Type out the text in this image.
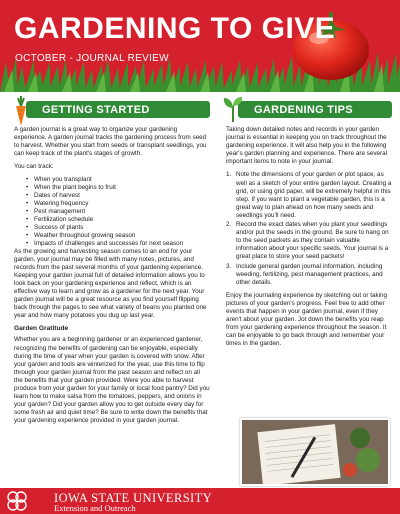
GARDENING TO GIVE
OCTOBER - JOURNAL REVIEW
GETTING STARTED

A garden journal is a great way to organize your gardening experience. A garden journal tracks the gardening process from seed to harvest. Whether you start from seeds or transplant seedlings, you can keep track of the plant's stages of growth.

You can track:

• When you transplant
• When the plant begins to fruit
• Dates of harvest
• Watering frequency
• Pest management
• Fertilization schedule
• Success of plants
• Weather throughout growing season
• Impacts of challenges and successes for next season

As the growing and harvesting season comes to an end for your garden, your journal may be filled with many notes, pictures, and records from the past several months of your gardening experience. Keeping your garden journal full of detailed information allows you to look back on your gardening experience and reflect, which is an effective way to learn and grow as a gardener for the next year. Your garden journal will be a great resource as you find yourself flipping back through the pages to see what variety of beans you planted one year and how many potatoes you dug up last year.

Garden Gratitude

Whether you are a beginning gardener or an experienced gardener, recognizing the benefits of gardening can be enjoyable, especially during the time of year when your garden is covered with snow. After your garden and tools are winterized for the year, use this time to flip through your garden journal from the past season and reflect on all the benefits that your garden provided. Were you able to harvest produce from your garden for your family or local food pantry? Did you learn how to make salsa from the tomatoes, peppers, and onions in your garden? Did your garden allow you to get outside every day for some fresh air and quiet time? Be sure to write down the benefits that your gardening experience provided in your garden journal.

GARDENING TIPS

Taking down detailed notes and records in your garden journal is essential in keeping you on track throughout the gardening experience. It will also help you in the following year's garden planning and experience. There are several important items to note in your journal.

1. Note the dimensions of your garden or plot space, as well as a sketch of your entire garden layout. Creating a grid, or using grid paper, will be extremely helpful in this step. If you want to plant a vegetable garden, this is a great way to plan ahead on how many seeds and seedlings you'll need.
2. Record the exact dates when you plant your seedlings and/or put the seeds in the ground. Be sure to hang on to the seed packets as they contain valuable information about your specific seeds. Your journal is a great place to store your seed packets!
3. Include general garden journal information, including weeding, fertilizing, pest management practices, and other details.

Enjoy the journaling experience by sketching out or taking pictures of your garden's progress. Feel free to add other events that happen in your garden journal, even if they aren't about your garden. Jot down the benefits you reap from your gardening experience throughout the season. It can be enjoyable to go back through and remember your times in the garden.

IOWA STATE UNIVERSITY
Extension and Outreach
